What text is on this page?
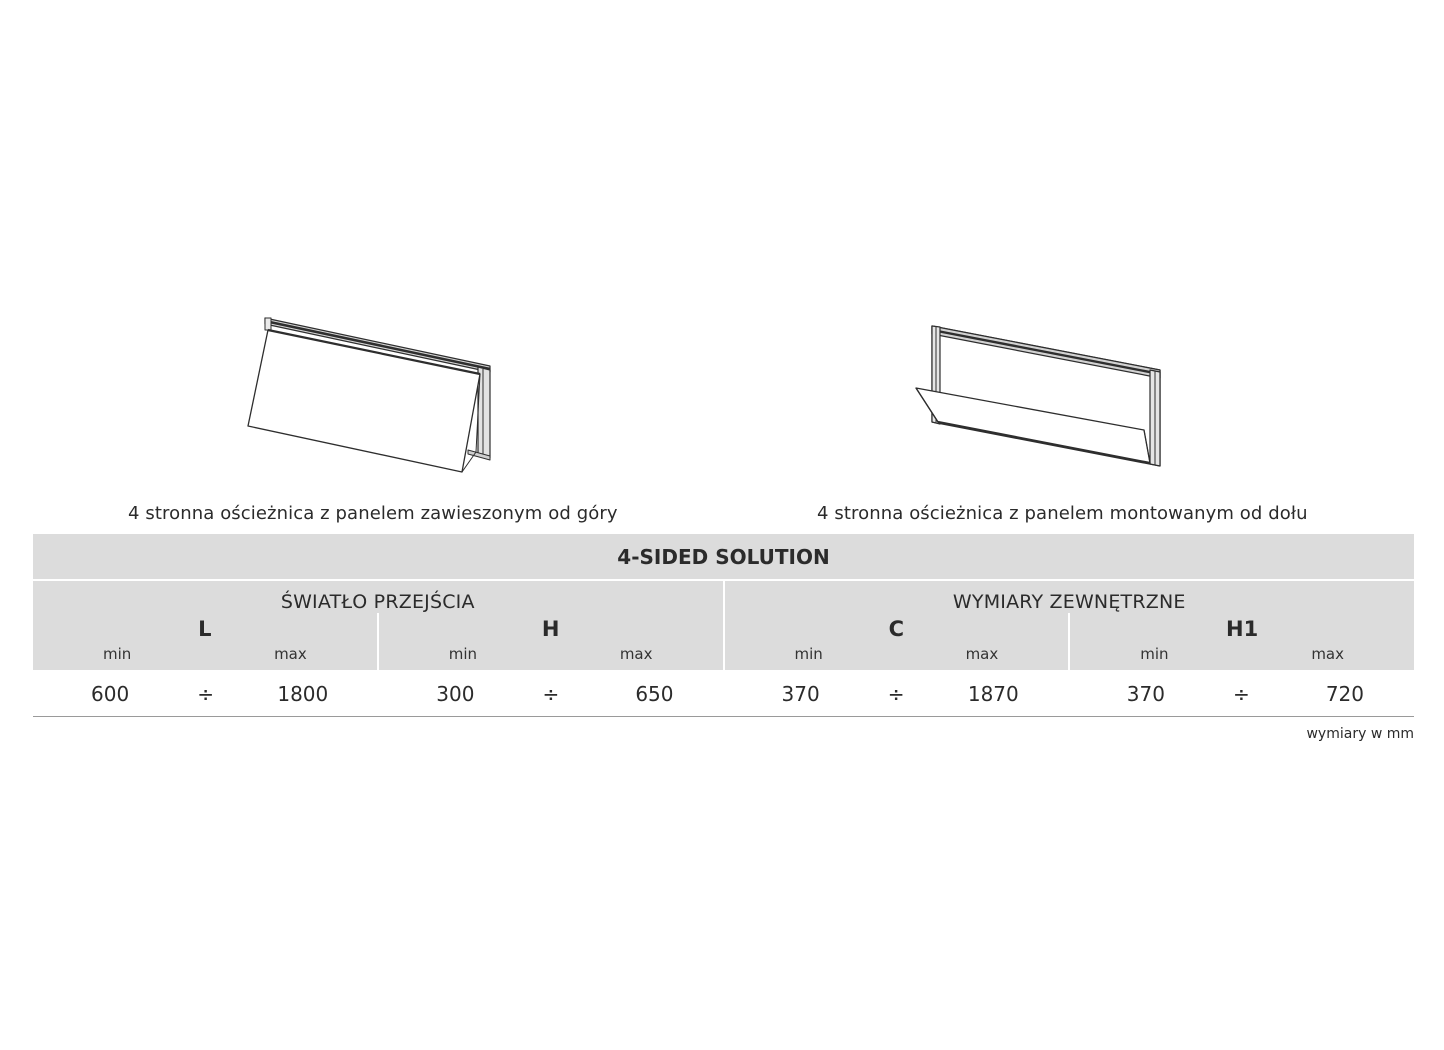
4 stronna ościeżnica z panelem zawieszonym od góry	4 stronna ościeżnica z panelem montowanym od dołu
4-SIDED SOLUTION
ŚWIATŁO PRZEJŚCIA
L
min	max
H
min	max
WYMIARY ZEWNĘTRZNE
C
min	max
H1
min	max
600	÷	1800	300	÷	650	370	÷	1870	370	÷	720
wymiary w mm
